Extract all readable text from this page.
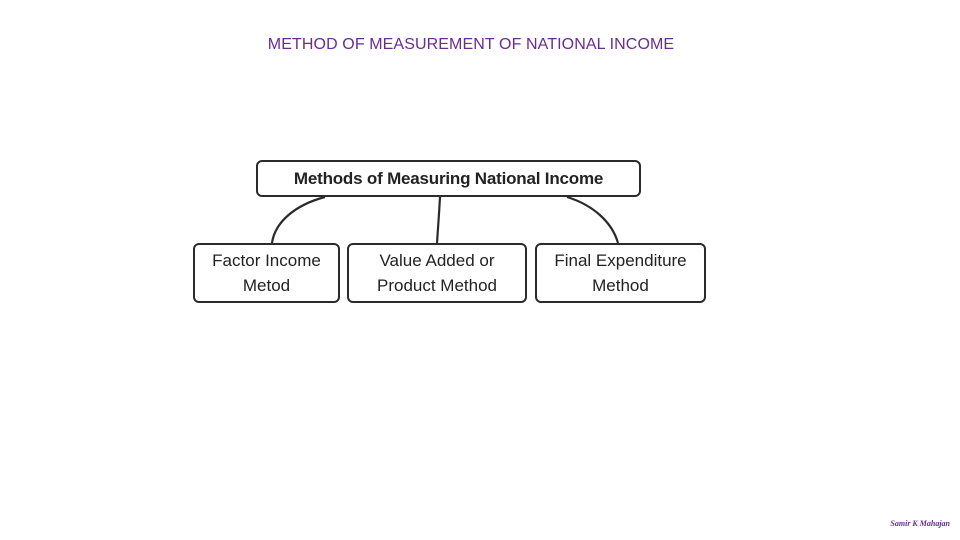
METHOD OF MEASUREMENT OF NATIONAL INCOME
Methods of Measuring National Income
Factor Income
Metod
Value Added or
Product Method
Final Expenditure
Method
Samir K Mahajan
